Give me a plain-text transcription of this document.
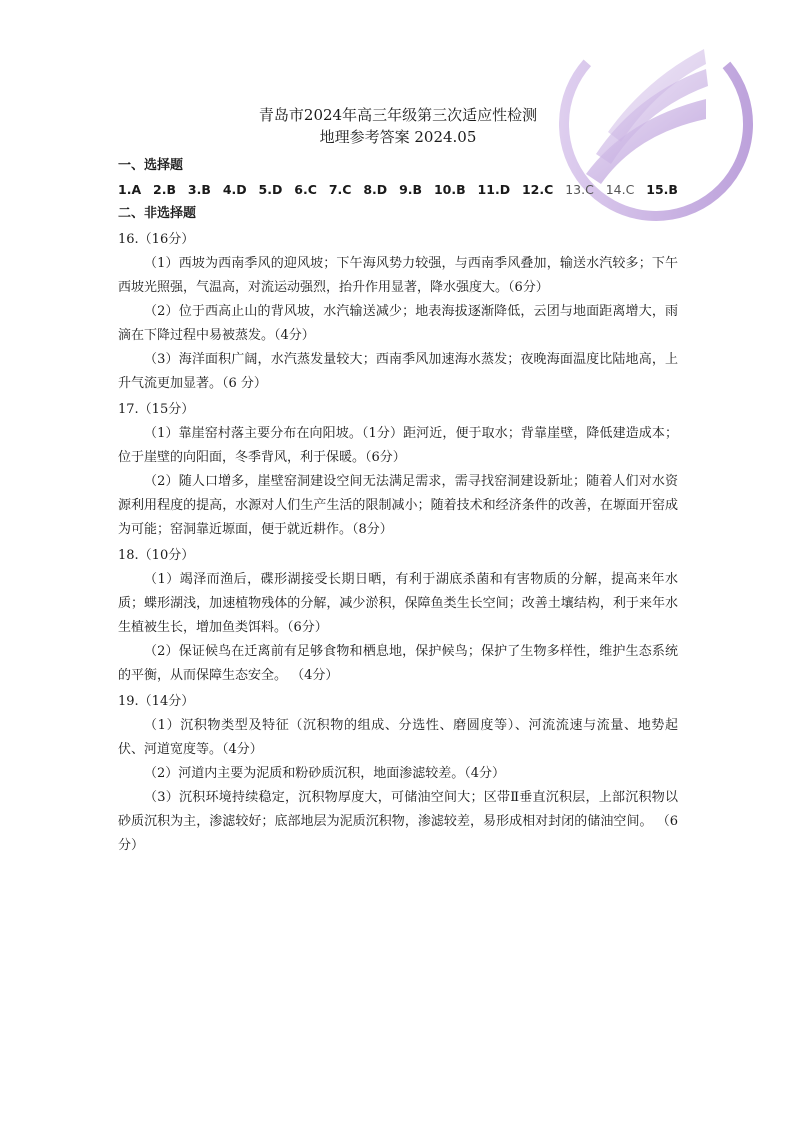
青岛市2024年高三年级第三次适应性检测
地理参考答案 2024.05
一、选择题
1.A 2.B 3.B 4.D 5.D 6.C 7.C 8.D 9.B 10.B 11.D 12.C 13.C 14.C 15.B
二、非选择题
16.（16分）

（1）西坡为西南季风的迎风坡；下午海风势力较强，与西南季风叠加，输送水汽较多；下午西坡光照强，气温高，对流运动强烈，抬升作用显著，降水强度大。（6分）

（2）位于西高止山的背风坡，水汽输送减少；地表海拔逐渐降低，云团与地面距离增大，雨滴在下降过程中易被蒸发。（4分）

（3）海洋面积广阔，水汽蒸发量较大；西南季风加速海水蒸发；夜晚海面温度比陆地高，上升气流更加显著。（6 分）

17.（15分）

（1）靠崖窑村落主要分布在向阳坡。（1分）距河近，便于取水；背靠崖壁，降低建造成本；位于崖壁的向阳面，冬季背风，利于保暖。（6分）

（2）随人口增多，崖壁窑洞建设空间无法满足需求，需寻找窑洞建设新址；随着人们对水资源利用程度的提高，水源对人们生产生活的限制减小；随着技术和经济条件的改善，在塬面开窑成为可能；窑洞靠近塬面，便于就近耕作。（8分）

18.（10分）

（1）竭泽而渔后，碟形湖接受长期日晒，有利于湖底杀菌和有害物质的分解，提高来年水质；蝶形湖浅，加速植物残体的分解，减少淤积，保障鱼类生长空间；改善土壤结构，利于来年水生植被生长，增加鱼类饵料。（6分）

（2）保证候鸟在迁离前有足够食物和栖息地，保护候鸟；保护了生物多样性，维护生态系统的平衡，从而保障生态安全。 （4分）

19.（14分）

（1）沉积物类型及特征（沉积物的组成、分选性、磨圆度等）、河流流速与流量、地势起伏、河道宽度等。（4分）

（2）河道内主要为泥质和粉砂质沉积，地面渗滤较差。（4分）

（3）沉积环境持续稳定，沉积物厚度大，可储油空间大；区带Ⅱ垂直沉积层，上部沉积物以砂质沉积为主，渗滤较好；底部地层为泥质沉积物，渗滤较差，易形成相对封闭的储油空间。 （6分）
